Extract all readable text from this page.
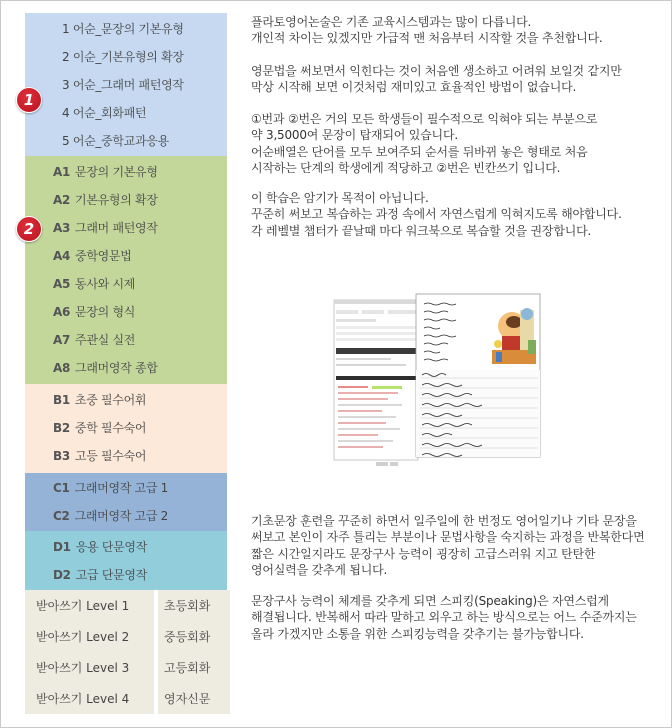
1 어순_문장의 기본유형
2 이순_기본유형의 확장
3 어순_그래머 패턴영작
4 어순_회화패턴
5 어순_중학교과응용
1
A1 문장의 기본유형
A2 기본유형의 확장
A3 그래머 패턴영작
A4 중학영문법
A5 동사와 시제
A6 문장의 형식
A7 주관실 실전
A8 그래머영작 종합
2
B1 초중 필수어휘
B2 중학 필수숙어
B3 고등 필수숙어
C1 그래머영작 고급 1
C2 그래머영작 고급 2
D1 응용 단문영작
D2 고급 단문영작
받아쓰기 Level 1	초등회화
받아쓰기 Level 2	중등회화
받아쓰기 Level 3	고등회화
받아쓰기 Level 4	영자신문
플라토영어논술은 기존 교육시스템과는 많이 다릅니다.
개인적 차이는 있겠지만 가급적 맨 처음부터 시작할 것을 추천합니다.
영문법을 써보면서 익힌다는 것이 처음엔 생소하고 어려워 보일것 같지만
막상 시작해 보면 이것처럼 재미있고 효율적인 방법이 없습니다.
①번과 ②번은 거의 모든 학생들이 필수적으로 익혀야 되는 부분으로
약 3,5000여 문장이 탑재되어 있습니다.
어순배열은 단어를 모두 보여주되 순서를 뒤바뀌 놓은 형태로 처음
시작하는 단계의 학생에게 적당하고 ②번은 빈칸쓰기 입니다.
이 학습은 암기가 목적이 아닙니다.
꾸준히 써보고 복습하는 과정 속에서 자연스럽게 익혀지도록 해야합니다.
각 레벨별 챕터가 끝날때 마다 워크북으로 복습할 것을 권장합니다.
기초문장 훈련을 꾸준히 하면서 일주일에 한 번정도 영어일기나 기타 문장을
써보고 본인이 자주 틀리는 부분이나 문법사항을 숙지하는 과정을 반복한다면
짧은 시간일지라도 문장구사 능력이 굉장히 고급스러워 지고 탄탄한
영어실력을 갖추게 됩니다.
문장구사 능력이 체계를 갖추게 되면 스피킹(Speaking)은 자연스럽게
해결됩니다. 반복해서 따라 말하고 외우고 하는 방식으로는 어느 수준까지는
올라 가겠지만 소통을 위한 스피킹능력을 갖추기는 불가능합니다.
